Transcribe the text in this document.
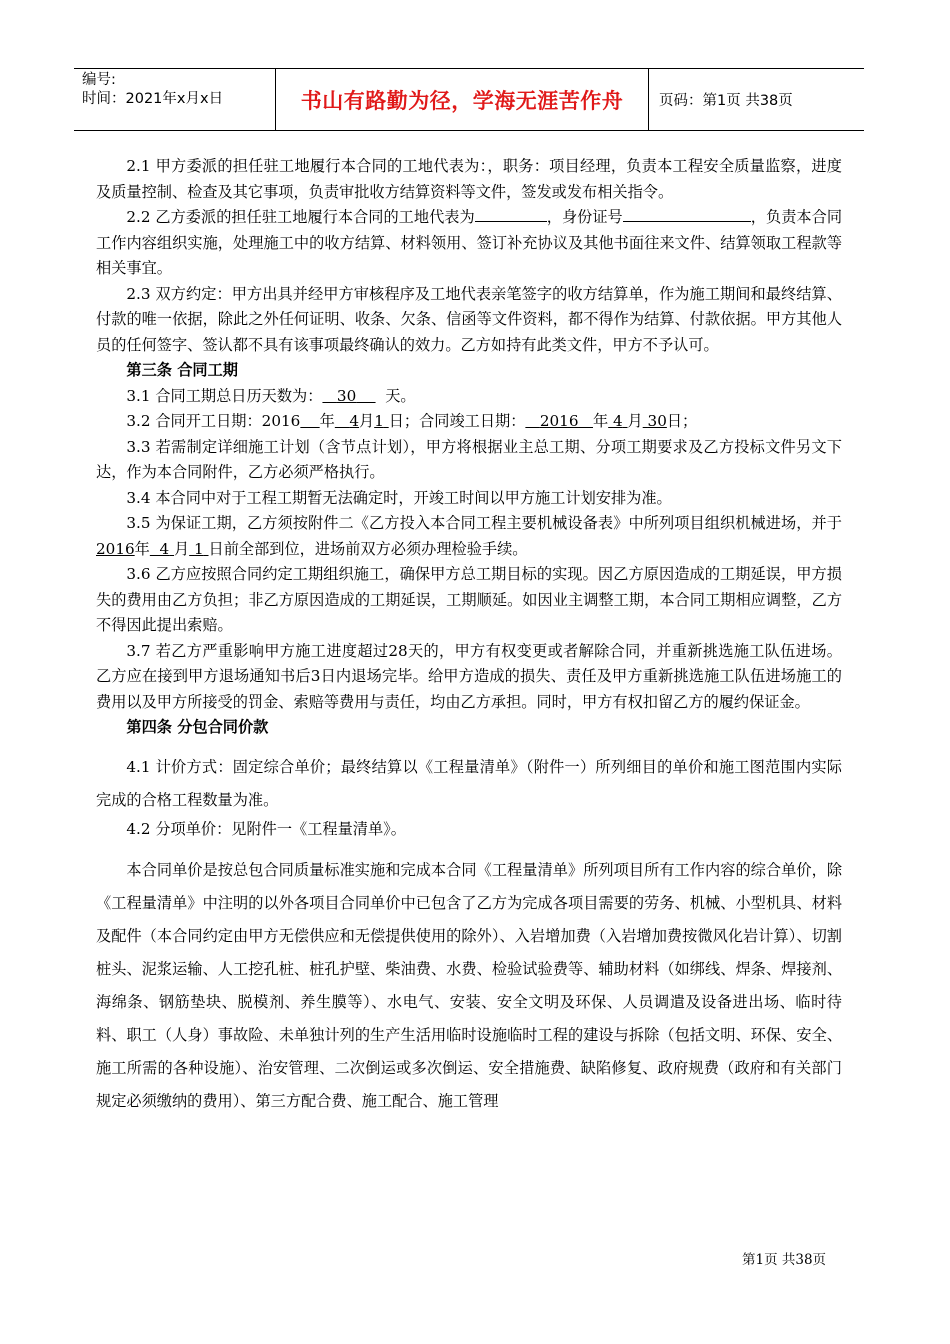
编号:
时间：2021年x月x日	书山有路勤为径，学海无涯苦作舟	页码：第1页 共38页

2.1 甲方委派的担任驻工地履行本合同的工地代表为：，职务：项目经理，负责本工程安全质量监察，进度及质量控制、检查及其它事项，负责审批收方结算资料等文件，签发或发布相关指令。

2.2 乙方委派的担任驻工地履行本合同的工地代表为	，身份证号	，负责本合同工作内容组织实施，处理施工中的收方结算、材料领用、签订补充协议及其他书面往来文件、结算领取工程款等相关事宜。

2.3 双方约定：甲方出具并经甲方审核程序及工地代表亲笔签字的收方结算单，作为施工期间和最终结算、付款的唯一依据，除此之外任何证明、收条、欠条、信函等文件资料，都不得作为结算、付款依据。甲方其他人员的任何签字、签认都不具有该事项最终确认的效力。乙方如持有此类文件，甲方不予认可。

第三条 合同工期

3.1 合同工期总日历天数为： 30 天。

3.2 合同开工日期：2016 年 4月1 日；合同竣工日期： 2016 年 4 月 30日；

3.3 若需制定详细施工计划（含节点计划），甲方将根据业主总工期、分项工期要求及乙方投标文件另文下达，作为本合同附件，乙方必须严格执行。

3.4 本合同中对于工程工期暂无法确定时，开竣工时间以甲方施工计划安排为准。

3.5 为保证工期，乙方须按附件二《乙方投入本合同工程主要机械设备表》中所列项目组织机械进场，并于2016年 4 月 1 日前全部到位，进场前双方必须办理检验手续。

3.6 乙方应按照合同约定工期组织施工，确保甲方总工期目标的实现。因乙方原因造成的工期延误，甲方损失的费用由乙方负担；非乙方原因造成的工期延误，工期顺延。如因业主调整工期，本合同工期相应调整，乙方不得因此提出索赔。

3.7 若乙方严重影响甲方施工进度超过28天的，甲方有权变更或者解除合同，并重新挑选施工队伍进场。乙方应在接到甲方退场通知书后3日内退场完毕。给甲方造成的损失、责任及甲方重新挑选施工队伍进场施工的费用以及甲方所接受的罚金、索赔等费用与责任，均由乙方承担。同时，甲方有权扣留乙方的履约保证金。

第四条 分包合同价款

4.1 计价方式：固定综合单价；最终结算以《工程量清单》（附件一）所列细目的单价和施工图范围内实际完成的合格工程数量为准。

4.2 分项单价：见附件一《工程量清单》。

本合同单价是按总包合同质量标准实施和完成本合同《工程量清单》所列项目所有工作内容的综合单价，除《工程量清单》中注明的以外各项目合同单价中已包含了乙方为完成各项目需要的劳务、机械、小型机具、材料及配件（本合同约定由甲方无偿供应和无偿提供使用的除外）、入岩增加费（入岩增加费按微风化岩计算）、切割桩头、泥浆运输、人工挖孔桩、桩孔护壁、柴油费、水费、检验试验费等、辅助材料（如绑线、焊条、焊接剂、海绵条、钢筋垫块、脱模剂、养生膜等）、水电气、安装、安全文明及环保、人员调遣及设备进出场、临时待料、职工（人身）事故险、未单独计列的生产生活用临时设施临时工程的建设与拆除（包括文明、环保、安全、施工所需的各种设施）、治安管理、二次倒运或多次倒运、安全措施费、缺陷修复、政府规费（政府和有关部门规定必须缴纳的费用）、第三方配合费、施工配合、施工管理

第1页 共38页
